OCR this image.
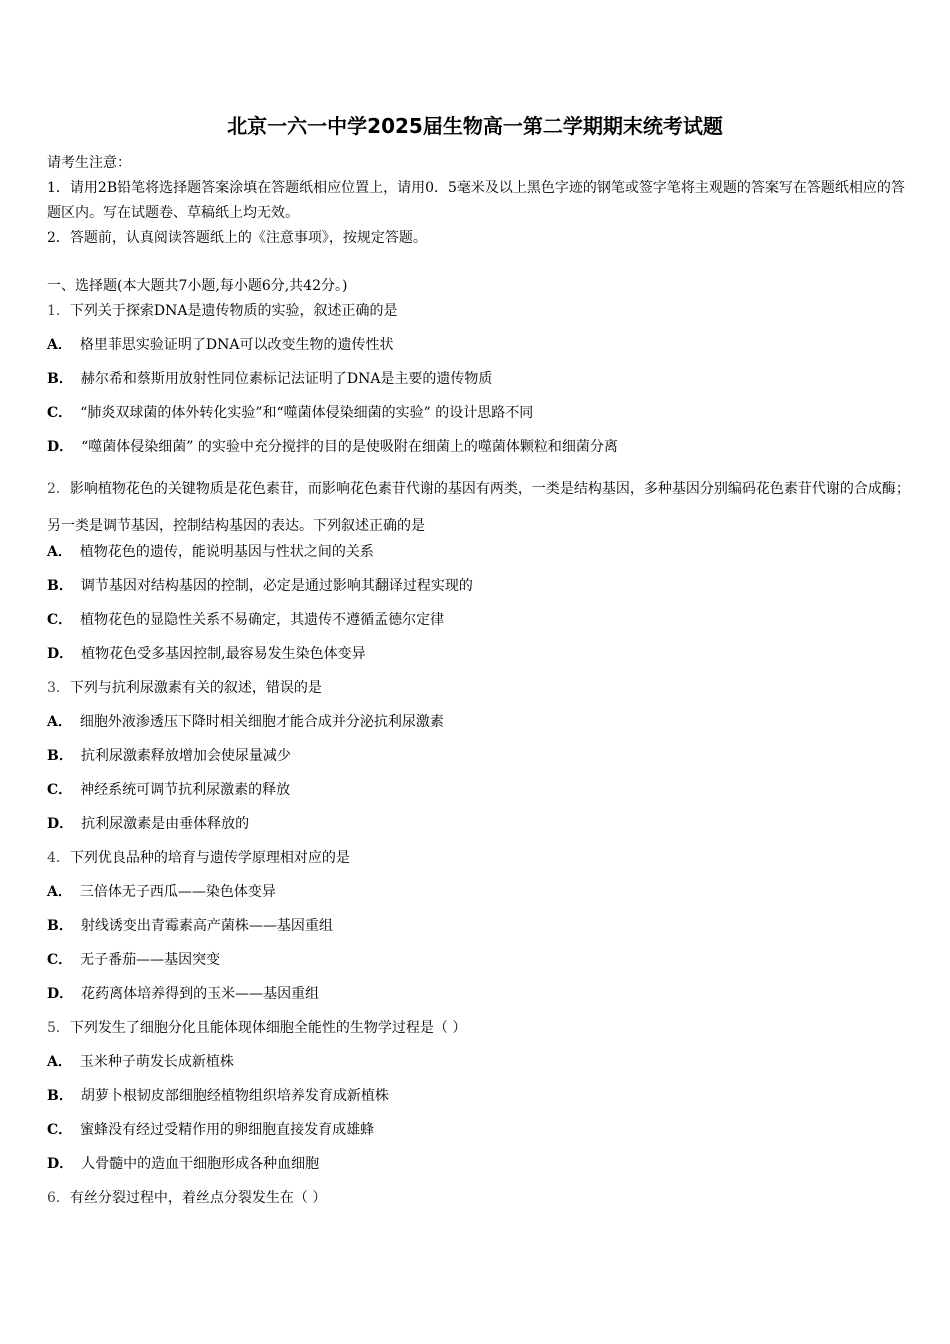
北京一六一中学2025届生物高一第二学期期末统考试题

请考生注意：

1．请用2B铅笔将选择题答案涂填在答题纸相应位置上，请用0．5毫米及以上黑色字迹的钢笔或签字笔将主观题的答案写在答题纸相应的答题区内。写在试题卷、草稿纸上均无效。

2．答题前，认真阅读答题纸上的《注意事项》，按规定答题。

一、选择题(本大题共7小题,每小题6分,共42分。)
1．下列关于探索DNA是遗传物质的实验，叙述正确的是
A． 格里菲思实验证明了DNA可以改变生物的遗传性状
B． 赫尔希和蔡斯用放射性同位素标记法证明了DNA是主要的遗传物质
C． “肺炎双球菌的体外转化实验”和“噬菌体侵染细菌的实验” 的设计思路不同
D． “噬菌体侵染细菌” 的实验中充分搅拌的目的是使吸附在细菌上的噬菌体颗粒和细菌分离
2．影响植物花色的关键物质是花色素苷，而影响花色素苷代谢的基因有两类，一类是结构基因，多种基因分别编码花色素苷代谢的合成酶；另一类是调节基因，控制结构基因的表达。下列叙述正确的是
A． 植物花色的遗传，能说明基因与性状之间的关系
B． 调节基因对结构基因的控制，必定是通过影响其翻译过程实现的
C． 植物花色的显隐性关系不易确定，其遗传不遵循孟德尔定律
D． 植物花色受多基因控制,最容易发生染色体变异
3．下列与抗利尿激素有关的叙述，错误的是
A． 细胞外液渗透压下降时相关细胞才能合成并分泌抗利尿激素
B． 抗利尿激素释放增加会使尿量减少
C． 神经系统可调节抗利尿激素的释放
D． 抗利尿激素是由垂体释放的
4．下列优良品种的培育与遗传学原理相对应的是
A． 三倍体无子西瓜——染色体变异
B． 射线诱变出青霉素高产菌株——基因重组
C． 无子番茄——基因突变
D． 花药离体培养得到的玉米——基因重组
5．下列发生了细胞分化且能体现体细胞全能性的生物学过程是（ ）
A． 玉米种子萌发长成新植株
B． 胡萝卜根韧皮部细胞经植物组织培养发育成新植株
C． 蜜蜂没有经过受精作用的卵细胞直接发育成雄蜂
D． 人骨髓中的造血干细胞形成各种血细胞
6．有丝分裂过程中，着丝点分裂发生在（ ）
